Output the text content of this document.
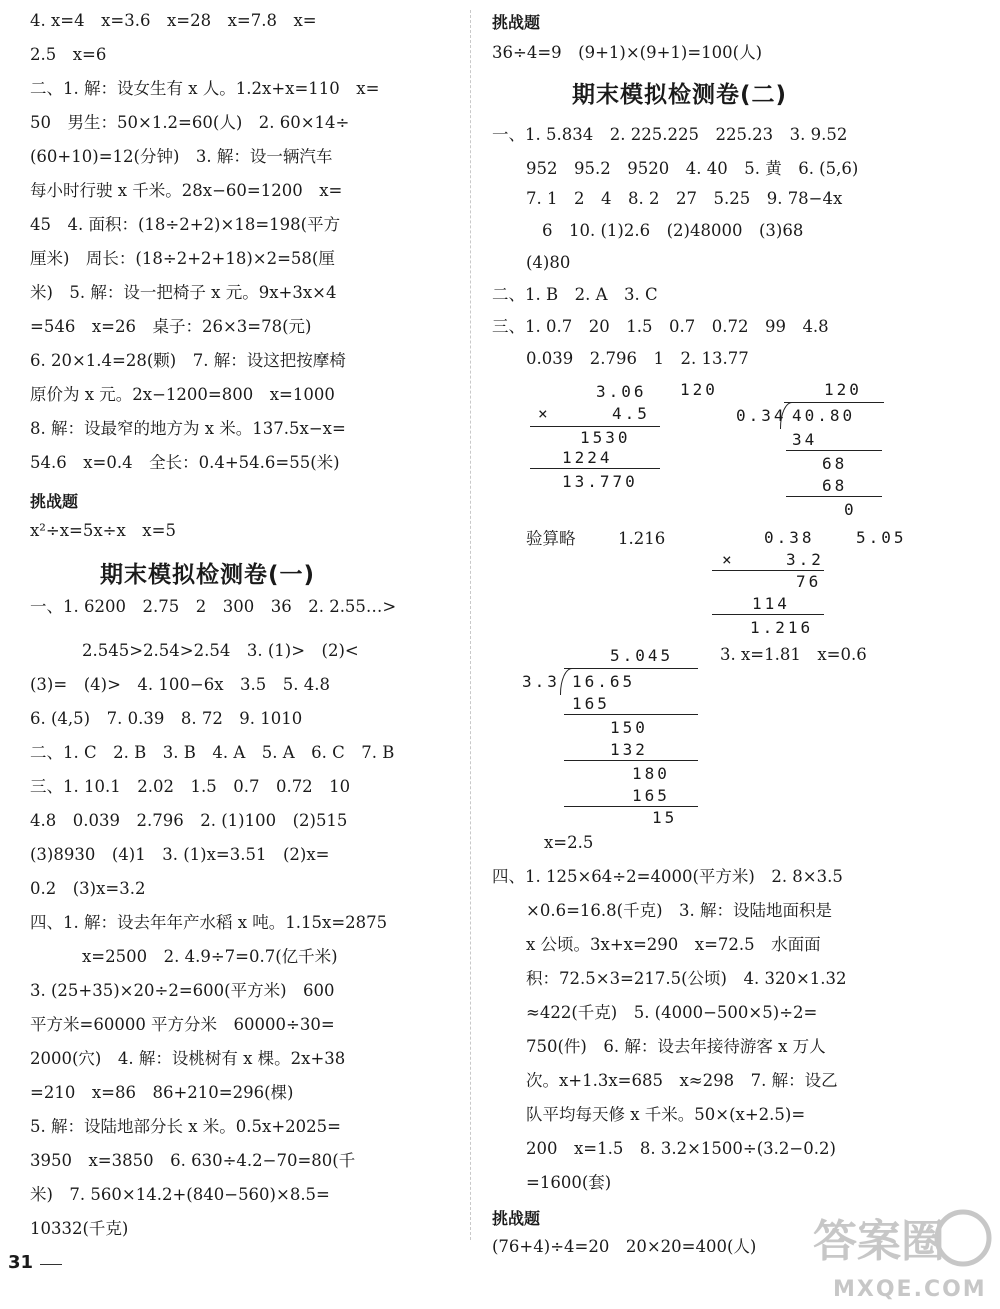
4. x=4　x=3.6　x=28　x=7.8　x=
2.5　x=6
二、1. 解：设女生有 x 人。1.2x+x=110　x=
50　男生：50×1.2=60(人)　2. 60×14÷
(60+10)=12(分钟)　3. 解：设一辆汽车
每小时行驶 x 千米。28x−60=1200　x=
45　4. 面积：(18÷2+2)×18=198(平方
厘米)　周长：(18÷2+2+18)×2=58(厘
米)　5. 解：设一把椅子 x 元。9x+3x×4
=546　x=26　桌子：26×3=78(元)
6. 20×1.4=28(颗)　7. 解：设这把按摩椅
原价为 x 元。2x−1200=800　x=1000
8. 解：设最窄的地方为 x 米。137.5x−x=
54.6　x=0.4　全长：0.4+54.6=55(米)
挑战题
x²÷x=5x÷x　x=5
期末模拟检测卷(一)
一、1. 6200　2.75　2　300　36　2. 2.55…>
2.545>2.54>2.54　3. (1)>　(2)<
(3)=　(4)>　4. 100−6x　3.5　5. 4.8
6. (4,5)　7. 0.39　8. 72　9. 1010
二、1. C　2. B　3. B　4. A　5. A　6. C　7. B
三、1. 10.1　2.02　1.5　0.7　0.72　10
4.8　0.039　2.796　2. (1)100　(2)515
(3)8930　(4)1　3. (1)x=3.51　(2)x=
0.2　(3)x=3.2
四、1. 解：设去年年产水稻 x 吨。1.15x=2875
x=2500　2. 4.9÷7=0.7(亿千米)
3. (25+35)×20÷2=600(平方米)　600
平方米=60000 平方分米　60000÷30=
2000(穴)　4. 解：设桃树有 x 棵。2x+38
=210　x=86　86+210=296(棵)
5. 解：设陆地部分长 x 米。0.5x+2025=
3950　x=3850　6. 630÷4.2−70=80(千
米)　7. 560×14.2+(840−560)×8.5=
10332(千克)
挑战题
36÷4=9　(9+1)×(9+1)=100(人)
期末模拟检测卷(二)
一、1. 5.834　2. 225.225　225.23　3. 9.52
952　95.2　9520　4. 40　5. 黄　6. (5,6)
7. 1　2　4　8. 2　27　5.25　9. 78−4x
6　10. (1)2.6　(2)48000　(3)68
(4)80
二、1. B　2. A　3. C
三、1. 0.7　20　1.5　0.7　0.72　99　4.8
0.039　2.796　1　2. 13.77
3.06 120
×	4.5
1530
1224
13.770
120
0.34 40.80
34
68
68
0
验算略	1.216	0.38	5.05
×	3.2
76
114
1.216
5.045	3. x=1.81　x=0.6
3.3 16.65
165
150
132
180
165
15
x=2.5
四、1. 125×64÷2=4000(平方米)　2. 8×3.5
×0.6=16.8(千克)　3. 解：设陆地面积是
x 公顷。3x+x=290　x=72.5　水面面
积：72.5×3=217.5(公顷)　4. 320×1.32
≈422(千克)　5. (4000−500×5)÷2=
750(件)　6. 解：设去年接待游客 x 万人
次。x+1.3x=685　x≈298　7. 解：设乙
队平均每天修 x 千米。50×(x+2.5)=
200　x=1.5　8. 3.2×1500÷(3.2−0.2)
=1600(套)
挑战题
(76+4)÷4=20　20×20=400(人)
31	答案圈
MXQE.COM
